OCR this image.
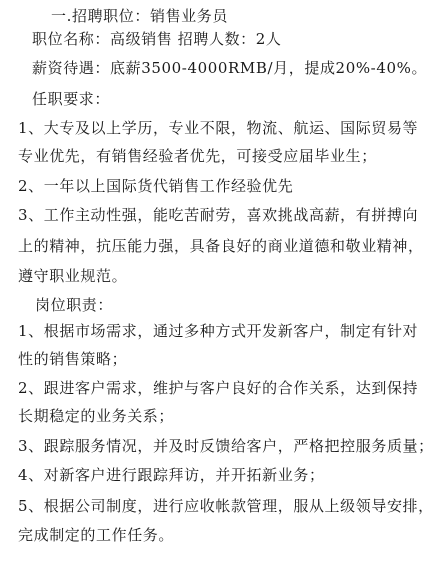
一.招聘职位：销售业务员
职位名称：高级销售 招聘人数：2人
薪资待遇：底薪3500-4000RMB/月，提成20%-40%。
任职要求：
1、大专及以上学历，专业不限，物流、航运、国际贸易等
专业优先，有销售经验者优先，可接受应届毕业生；
2、一年以上国际货代销售工作经验优先
3、工作主动性强，能吃苦耐劳，喜欢挑战高薪，有拼搏向
上的精神，抗压能力强，具备良好的商业道德和敬业精神，
遵守职业规范。
岗位职责：
1、根据市场需求，通过多种方式开发新客户，制定有针对
性的销售策略；
2、跟进客户需求，维护与客户良好的合作关系，达到保持
长期稳定的业务关系；
3、跟踪服务情况，并及时反馈给客户，严格把控服务质量；
4、对新客户进行跟踪拜访，并开拓新业务；
5、根据公司制度，进行应收帐款管理，服从上级领导安排，
完成制定的工作任务。
